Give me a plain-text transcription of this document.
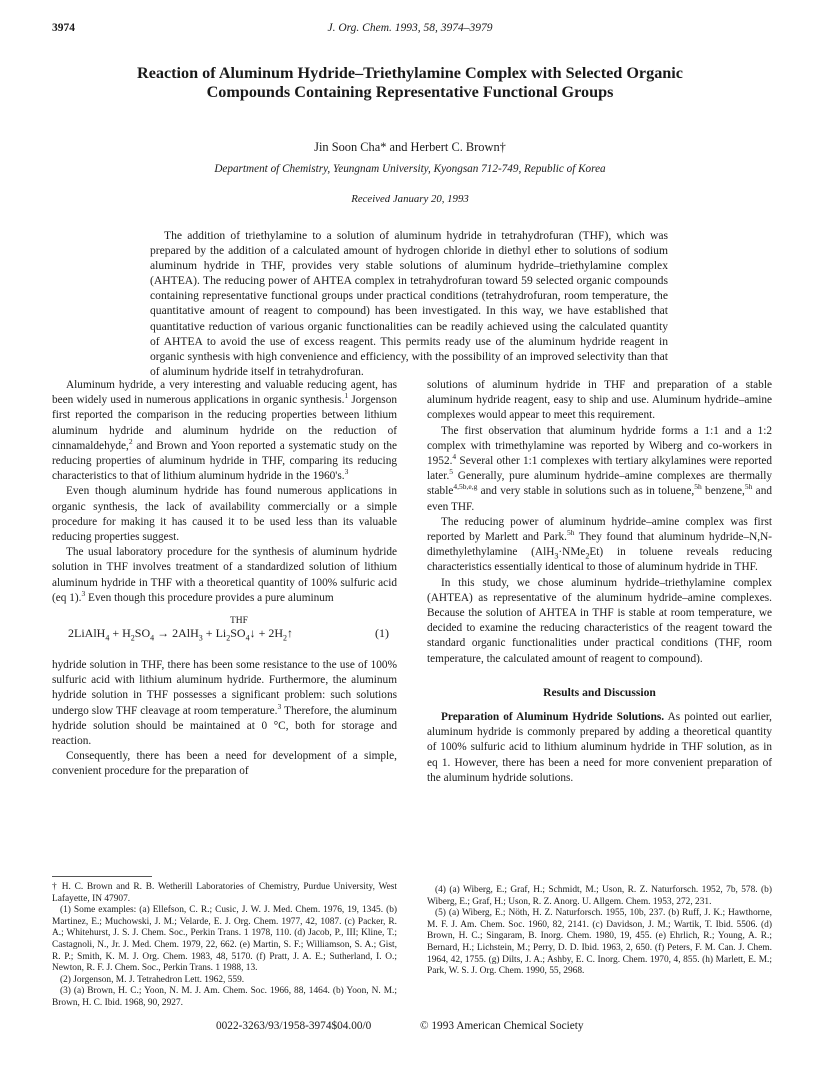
3974	J. Org. Chem. 1993, 58, 3974–3979
Reaction of Aluminum Hydride–Triethylamine Complex with Selected Organic Compounds Containing Representative Functional Groups
Jin Soon Cha* and Herbert C. Brown†
Department of Chemistry, Yeungnam University, Kyongsan 712-749, Republic of Korea
Received January 20, 1993

The addition of triethylamine to a solution of aluminum hydride in tetrahydrofuran (THF), which was prepared by the addition of a calculated amount of hydrogen chloride in diethyl ether to solutions of sodium aluminum hydride in THF, provides very stable solutions of aluminum hydride–triethylamine complex (AHTEA). The reducing power of AHTEA complex in tetrahydrofuran toward 59 selected organic compounds containing representative functional groups under practical conditions (tetrahydrofuran, room temperature, the quantitative amount of reagent to compound) has been investigated. In this way, we have established that quantitative reduction of various organic functionalities can be readily achieved using the calculated quantity of AHTEA to avoid the use of excess reagent. This permits ready use of the aluminum hydride reagent in organic synthesis with high convenience and efficiency, with the possibility of an improved selectivity than that of aluminum hydride itself in tetrahydrofuran.

Aluminum hydride, a very interesting and valuable reducing agent, has been widely used in numerous applications in organic synthesis.$^1$ Jorgenson first reported the comparison in the reducing properties between lithium aluminum hydride and aluminum hydride on the reduction of cinnamaldehyde,$^2$ and Brown and Yoon reported a systematic study on the reducing properties of aluminum hydride in THF, comparing its reducing characteristics to that of lithium aluminum hydride in the 1960's.$^3$

Even though aluminum hydride has found numerous applications in organic synthesis, the lack of availability commercially or a simple procedure for making it has caused it to be used less than its valuable reducing properties suggest.

The usual laboratory procedure for the synthesis of aluminum hydride solution in THF involves treatment of a standardized solution of lithium aluminum hydride in THF with a theoretical quantity of 100% sulfuric acid (eq 1).$^3$ Even though this procedure provides a pure aluminum

THF
2LiAlH$_4$ + $H_2SO_4 \to 2AlH_3$ + $Li_2SO_4↓$ + $2H_2↑$	(1)

hydride solution in THF, there has been some resistance to the use of 100% sulfuric acid with lithium aluminum hydride. Furthermore, the aluminum hydride solution in THF possesses a significant problem: such solutions undergo slow THF cleavage at room temperature.$^3$ Therefore, the aluminum hydride solution should be maintained at 0 °C, both for storage and reaction.

Consequently, there has been a need for development of a simple, convenient procedure for the preparation of

solutions of aluminum hydride in THF and preparation of a stable aluminum hydride reagent, easy to ship and use. Aluminum hydride–amine complexes would appear to meet this requirement.

The first observation that aluminum hydride forms a 1:1 and a 1:2 complex with trimethylamine was reported by Wiberg and co-workers in 1952.$^4$ Several other 1:1 complexes with tertiary alkylamines were reported later.$^5$ Generally, pure aluminum hydride–amine complexes are thermally stable$^{4,5b,e,g}$ and very stable in solutions such as in toluene,$^{5h}$ benzene,$^{5h}$ and even THF.

The reducing power of aluminum hydride–amine complex was first reported by Marlett and Park.$^{5h}$ They found that aluminum hydride–N,N-dimethylethylamine (AlH$_3$·NMe$_2$Et) in toluene reveals reducing characteristics essentially identical to those of aluminum hydride in THF.

In this study, we chose aluminum hydride–triethylamine complex (AHTEA) as representative of the aluminum hydride–amine complexes. Because the solution of AHTEA in THF is stable at room temperature, we decided to examine the reducing characteristics of the reagent toward the standard organic functionalities under practical conditions (THF, room temperature, the calculated amount of reagent to compound).

Results and Discussion

Preparation of Aluminum Hydride Solutions. As pointed out earlier, aluminum hydride is commonly prepared by adding a theoretical quantity of 100% sulfuric acid to lithium aluminum hydride in THF solution, as in eq 1. However, there has been a need for more convenient preparation of the aluminum hydride solutions.

† H. C. Brown and R. B. Wetherill Laboratories of Chemistry, Purdue University, West Lafayette, IN 47907.

(1) Some examples: (a) Ellefson, C. R.; Cusic, J. W. J. Med. Chem. 1976, 19, 1345. (b) Martinez, E.; Muchowski, J. M.; Velarde, E. J. Org. Chem. 1977, 42, 1087. (c) Packer, R. A.; Whitehurst, J. S. J. Chem. Soc., Perkin Trans. 1 1978, 110. (d) Jacob, P., III; Kline, T.; Castagnoli, N., Jr. J. Med. Chem. 1979, 22, 662. (e) Martin, S. F.; Williamson, S. A.; Gist, R. P.; Smith, K. M. J. Org. Chem. 1983, 48, 5170. (f) Pratt, J. A. E.; Sutherland, I. O.; Newton, R. F. J. Chem. Soc., Perkin Trans. 1 1988, 13.

(2) Jorgenson, M. J. Tetrahedron Lett. 1962, 559.

(3) (a) Brown, H. C.; Yoon, N. M. J. Am. Chem. Soc. 1966, 88, 1464. (b) Yoon, N. M.; Brown, H. C. Ibid. 1968, 90, 2927.

(4) (a) Wiberg, E.; Graf, H.; Schmidt, M.; Uson, R. Z. Naturforsch. 1952, 7b, 578. (b) Wiberg, E.; Graf, H.; Uson, R. Z. Anorg. U. Allgem. Chem. 1953, 272, 231.

(5) (a) Wiberg, E.; Nöth, H. Z. Naturforsch. 1955, 10b, 237. (b) Ruff, J. K.; Hawthorne, M. F. J. Am. Chem. Soc. 1960, 82, 2141. (c) Davidson, J. M.; Wartik, T. Ibid. 5506. (d) Brown, H. C.; Singaram, B. Inorg. Chem. 1980, 19, 455. (e) Ehrlich, R.; Young, A. R.; Bernard, H.; Lichstein, M.; Perry, D. D. Ibid. 1963, 2, 650. (f) Peters, F. M. Can. J. Chem. 1964, 42, 1755. (g) Dilts, J. A.; Ashby, E. C. Inorg. Chem. 1970, 4, 855. (h) Marlett, E. M.; Park, W. S. J. Org. Chem. 1990, 55, 2968.

0022-3263/93/1958-3974$04.00/0	© 1993 American Chemical Society
